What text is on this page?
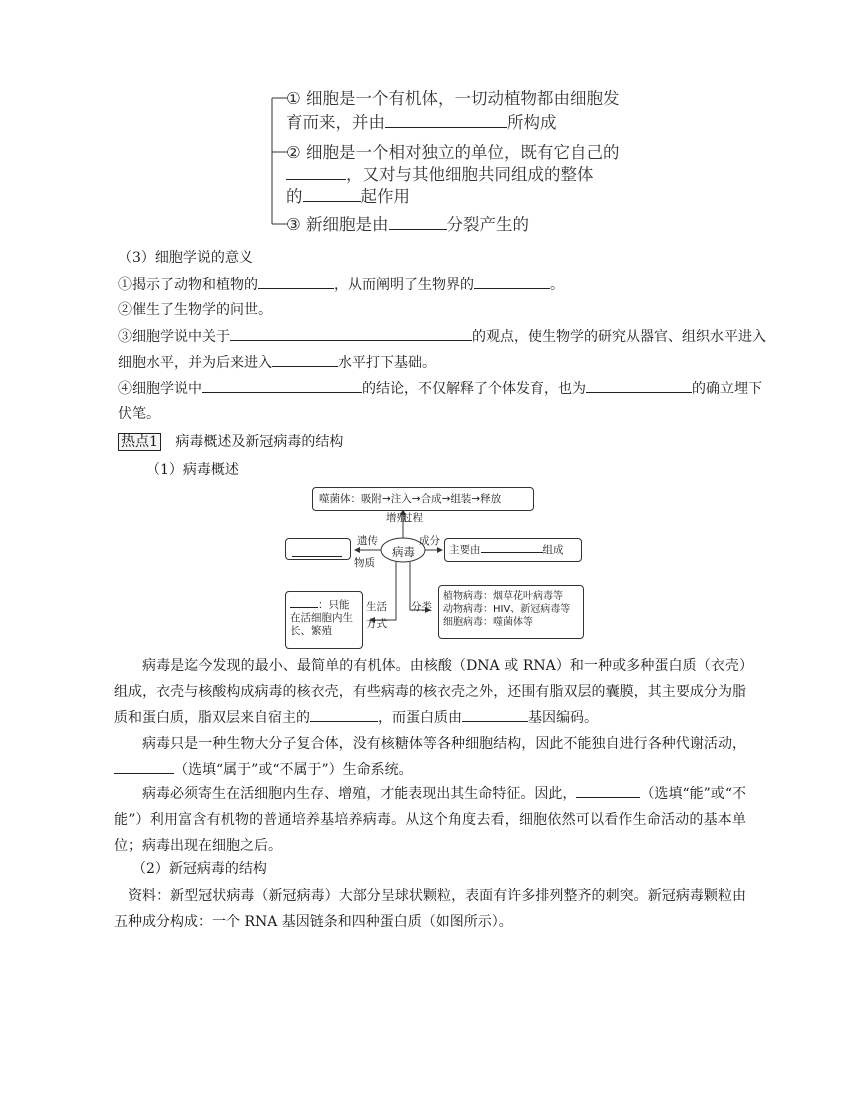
① 细胞是一个有机体，一切动植物都由细胞发
育而来，并由	所构成
② 细胞是一个相对独立的单位，既有它自己的
，又对与其他细胞共同组成的整体
的	起作用
③ 新细胞是由	分裂产生的
（3）细胞学说的意义
①揭示了动物和植物的	，从而阐明了生物界的	。
②催生了生物学的问世。
③细胞学说中关于	的观点，使生物学的研究从器官、组织水平进入
细胞水平，并为后来进入	水平打下基础。
④细胞学说中	的结论，不仅解释了个体发育，也为	的确立埋下
伏笔。
热点1 病毒概述及新冠病毒的结构
（1）病毒概述
病毒
噬菌体：吸附→注入→合成→组装→释放
增殖
过程
遗传
物质
成分
主要由	组成
生活
方式
：只能
在活细胞内生
长、繁殖
分类
植物病毒：烟草花叶病毒等
动物病毒：HIV、新冠病毒等
细胞病毒：噬菌体等
病毒是迄今发现的最小、最简单的有机体。由核酸（DNA 或 RNA）和一种或多种蛋白质（衣壳）组成，衣壳与核酸构成病毒的核衣壳，有些病毒的核衣壳之外，还围有脂双层的囊膜，其主要成分为脂质和蛋白质，脂双层来自宿主的	，而蛋白质由	基因编码。
病毒只是一种生物大分子复合体，没有核糖体等各种细胞结构，因此不能独自进行各种代谢活动，（选填“属于”或“不属于”）生命系统。
病毒必须寄生在活细胞内生存、增殖，才能表现出其生命特征。因此，	（选填“能”或“不能”）利用富含有机物的普通培养基培养病毒。从这个角度去看，细胞依然可以看作生命活动的基本单位；病毒出现在细胞之后。
（2）新冠病毒的结构
资料：新型冠状病毒（新冠病毒）大部分呈球状颗粒，表面有许多排列整齐的刺突。新冠病毒颗粒由五种成分构成：一个 RNA 基因链条和四种蛋白质（如图所示）。
